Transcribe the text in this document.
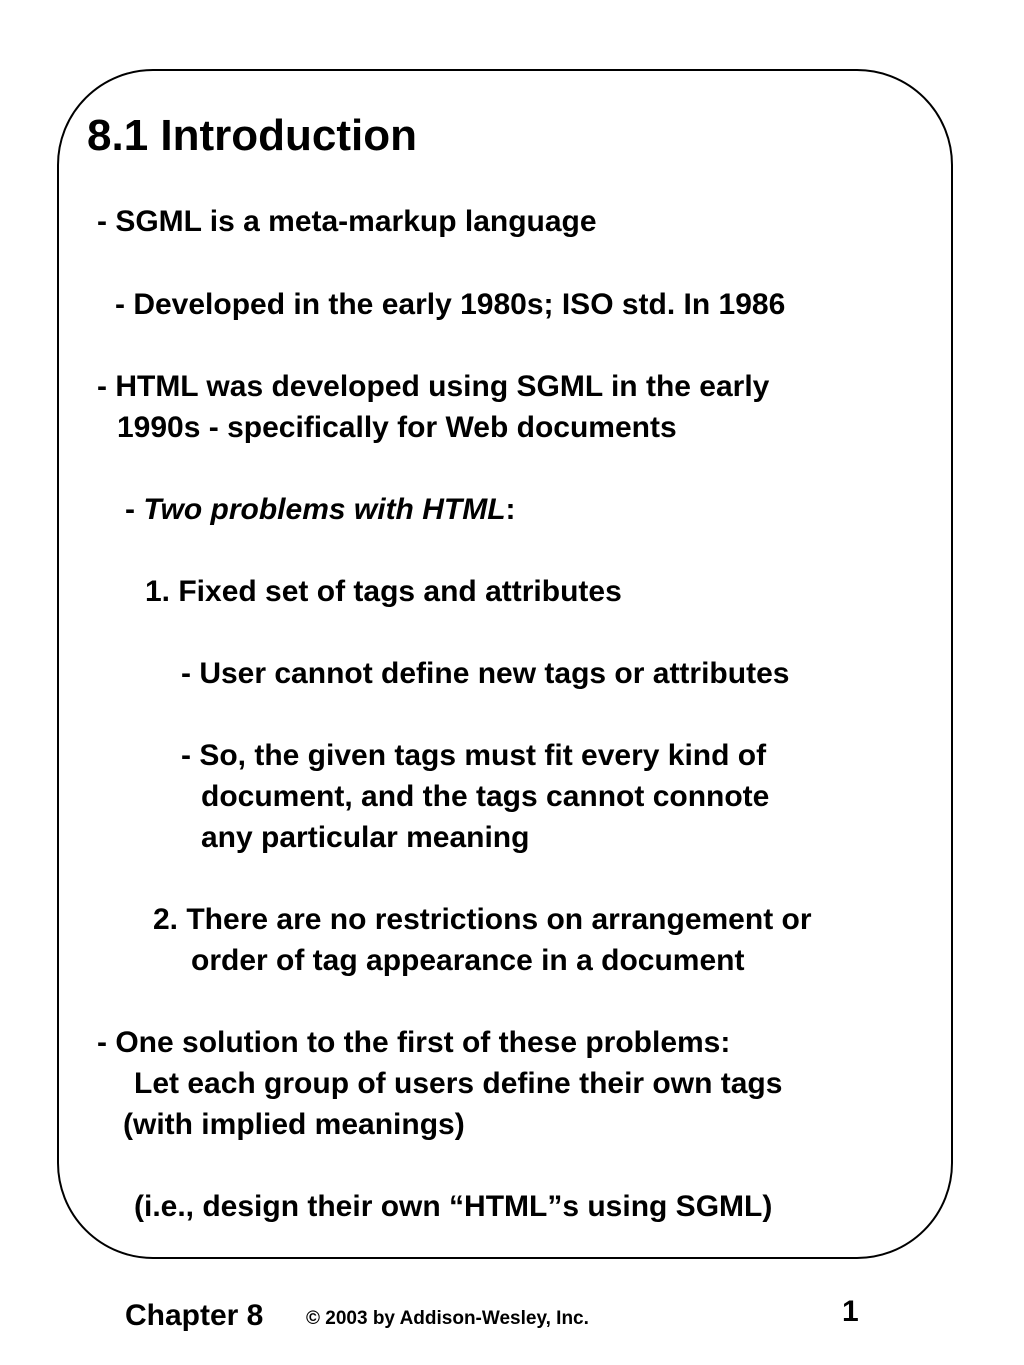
8.1 Introduction
- SGML is a meta-markup language
- Developed in the early 1980s; ISO std. In 1986
- HTML was developed using SGML in the early
1990s - specifically for Web documents
- Two problems with HTML:
1. Fixed set of tags and attributes
- User cannot define new tags or attributes
- So, the given tags must fit every kind of
document, and the tags cannot connote
any particular meaning
2. There are no restrictions on arrangement or
order of tag appearance in a document
- One solution to the first of these problems:
Let each group of users define their own tags
(with implied meanings)
(i.e., design their own “HTML”s using SGML)
Chapter 8 © 2003 by Addison-Wesley, Inc.	1
